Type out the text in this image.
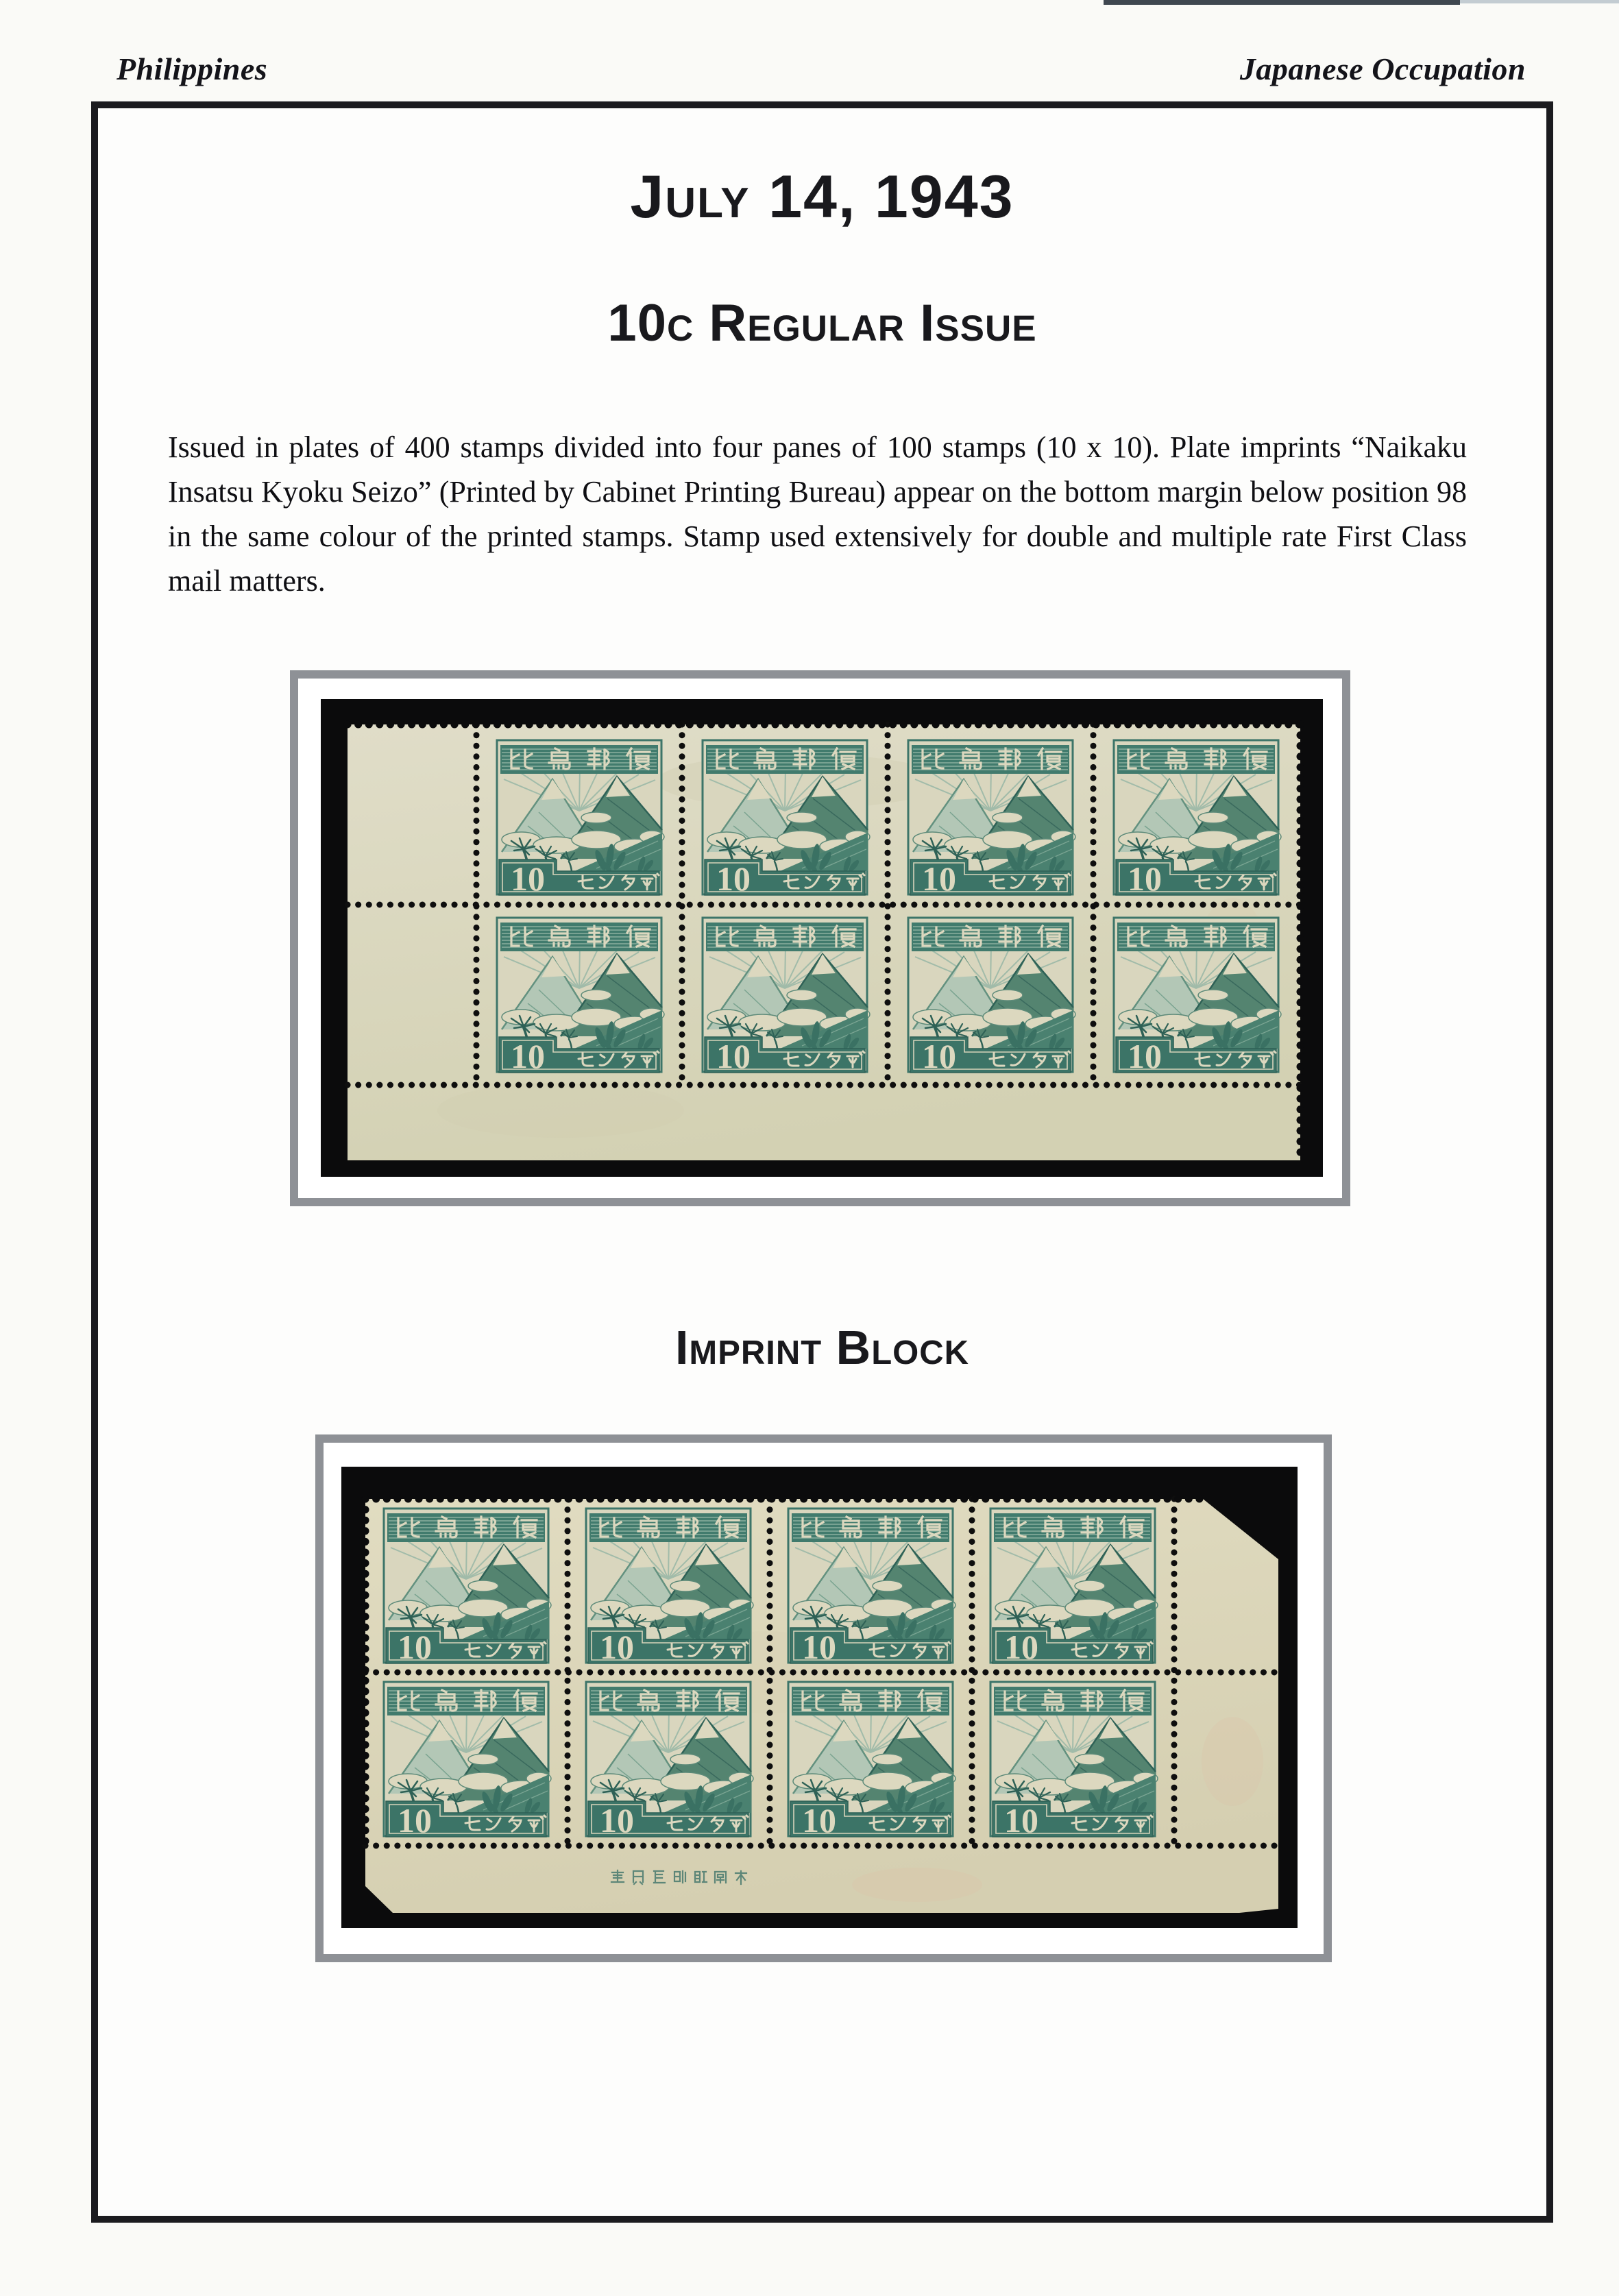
Philippines	Japanese Occupation
July 14, 1943
10c Regular Issue
Issued in plates of 400 stamps divided into four panes of 100 stamps (10 x 10). Plate imprints “Naikaku Insatsu Kyoku Seizo” (Printed by Cabinet Printing Bureau) appear on the bottom margin below position 98 in the same colour of the printed stamps. Stamp used extensively for double and multiple rate First Class mail matters.
Imprint Block
